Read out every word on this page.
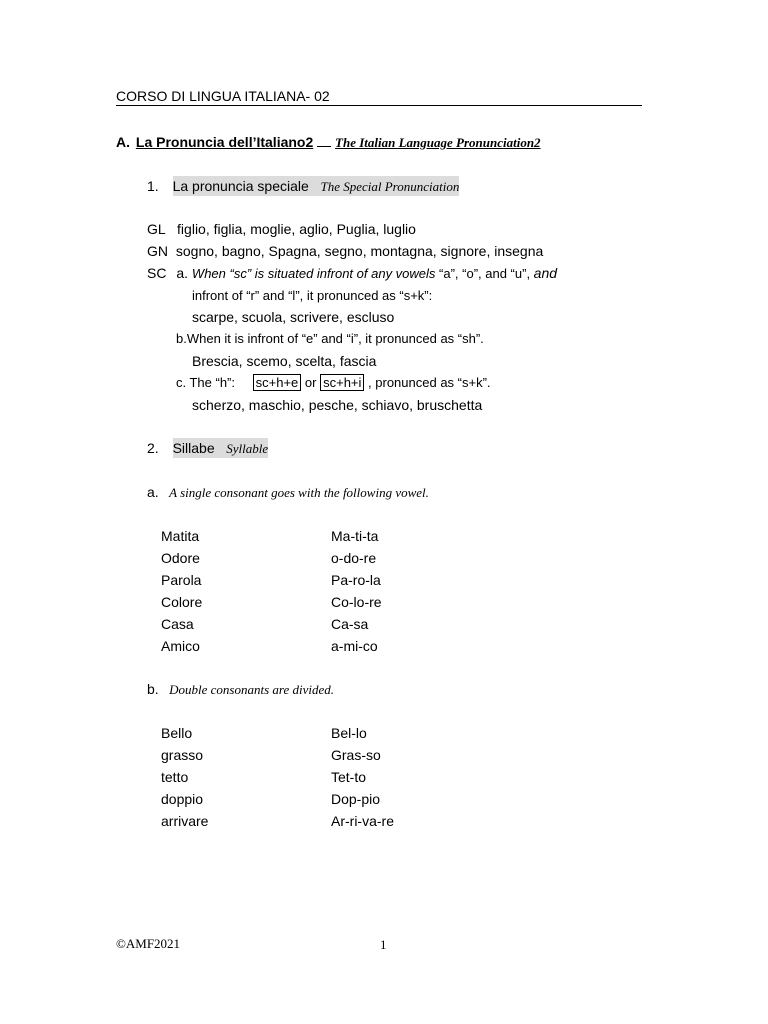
CORSO DI LINGUA ITALIANA- 02
A. La Pronuncia dell’Italiano2 The Italian Language Pronunciation2
1. La pronuncia speciale The Special Pronunciation
GL figlio, figlia, moglie, aglio, Puglia, luglio
GN sogno, bagno, Spagna, segno, montagna, signore, insegna
SC a. When “sc” is situated infront of any vowels “a”, “o”, and “u”, and
infront of “r” and “l”, it pronunced as “s+k”:
scarpe, scuola, scrivere, escluso
b.When it is infront of “e” and “i”, it pronunced as “sh”.
Brescia, scemo, scelta, fascia
c. The “h”: sc+h+e or sc+h+i , pronunced as “s+k”.
scherzo, maschio, pesche, schiavo, bruschetta
2. Sillabe Syllable
a. A single consonant goes with the following vowel.
Matita	Ma-ti-ta
Odore	o-do-re
Parola	Pa-ro-la
Colore	Co-lo-re
Casa	Ca-sa
Amico	a-mi-co
b. Double consonants are divided.
Bello	Bel-lo
grasso	Gras-so
tetto	Tet-to
doppio	Dop-pio
arrivare	Ar-ri-va-re
©AMF2021	1
